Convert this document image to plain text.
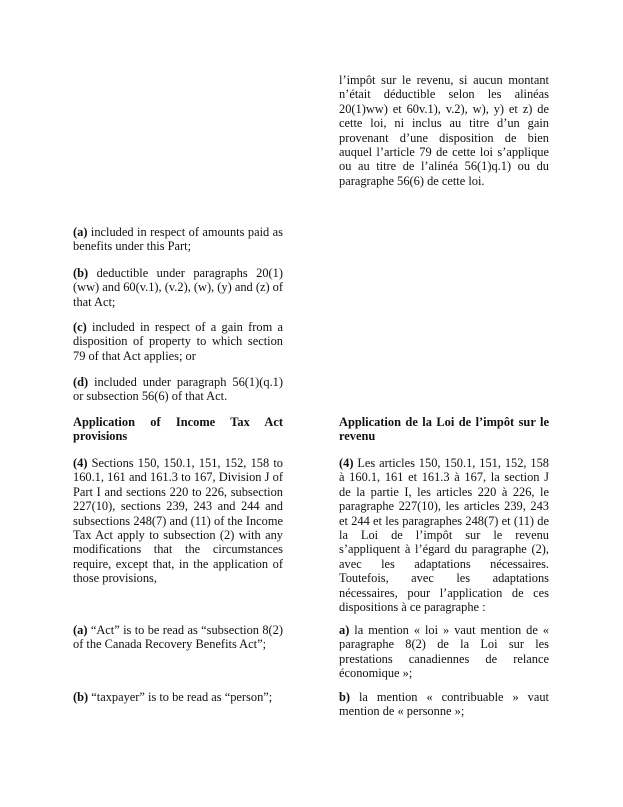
l’impôt sur le revenu, si aucun montant n’était déductible selon les alinéas 20(1)ww) et 60v.1), v.2), w), y) et z) de cette loi, ni inclus au titre d’un gain provenant d’une disposition de bien auquel l’article 79 de cette loi s’applique ou au titre de l’alinéa 56(1)q.1) ou du paragraphe 56(6) de cette loi.

(a) included in respect of amounts paid as benefits under this Part;

(b) deductible under paragraphs 20(1)(ww) and 60(v.1), (v.2), (w), (y) and (z) of that Act;

(c) included in respect of a gain from a disposition of property to which section 79 of that Act applies; or

(d) included under paragraph 56(1)(q.1) or subsection 56(6) of that Act.

Application of Income Tax Act provisions

Application de la Loi de l’impôt sur le revenu

(4) Sections 150, 150.1, 151, 152, 158 to 160.1, 161 and 161.3 to 167, Division J of Part I and sections 220 to 226, subsection 227(10), sections 239, 243 and 244 and subsections 248(7) and (11) of the Income Tax Act apply to subsection (2) with any modifications that the circumstances require, except that, in the application of those provisions,

(4) Les articles 150, 150.1, 151, 152, 158 à 160.1, 161 et 161.3 à 167, la section J de la partie I, les articles 220 à 226, le paragraphe 227(10), les articles 239, 243 et 244 et les paragraphes 248(7) et (11) de la Loi de l’impôt sur le revenu s’appliquent à l’égard du paragraphe (2), avec les adaptations nécessaires. Toutefois, avec les adaptations nécessaires, pour l’application de ces dispositions à ce paragraphe :

(a) “Act” is to be read as “subsection 8(2) of the Canada Recovery Benefits Act”;

a) la mention « loi » vaut mention de « paragraphe 8(2) de la Loi sur les prestations canadiennes de relance économique »;

(b) “taxpayer” is to be read as “person”;	b) la mention « contribuable » vaut mention de « personne »;
